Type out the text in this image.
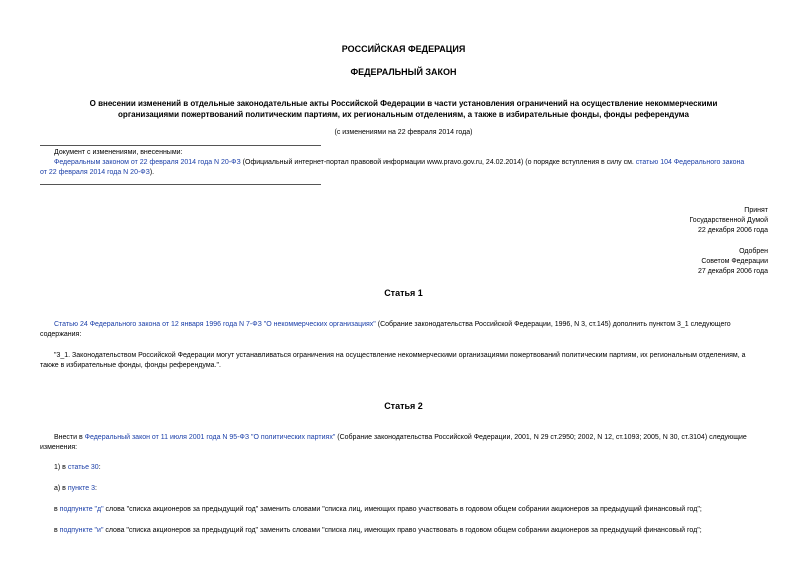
РОССИЙСКАЯ ФЕДЕРАЦИЯ
ФЕДЕРАЛЬНЫЙ ЗАКОН
О внесении изменений в отдельные законодательные акты Российской Федерации в части установления ограничений на осуществление некоммерческими
организациями пожертвований политическим партиям, их региональным отделениям, а также в избирательные фонды, фонды референдума
(с изменениями на 22 февраля 2014 года)
Документ с изменениями, внесенными:
Федеральным законом от 22 февраля 2014 года N 20-ФЗ (Официальный интернет-портал правовой информации www.pravo.gov.ru, 24.02.2014) (о порядке вступления в силу см. статью 104 Федерального закона
от 22 февраля 2014 года N 20-ФЗ).
Принят
Государственной Думой
22 декабря 2006 года
Одобрен
Советом Федерации
27 декабря 2006 года
Статья 1
Статью 24 Федерального закона от 12 января 1996 года N 7-ФЗ "О некоммерческих организациях" (Собрание законодательства Российской Федерации, 1996, N 3, ст.145) дополнить пунктом 3_1 следующего
содержания:
"3_1. Законодательством Российской Федерации могут устанавливаться ограничения на осуществление некоммерческими организациями пожертвований политическим партиям, их региональным отделениям, а
также в избирательные фонды, фонды референдума.".
Статья 2
Внести в Федеральный закон от 11 июля 2001 года N 95-ФЗ "О политических партиях" (Собрание законодательства Российской Федерации, 2001, N 29 ст.2950; 2002, N 12, ст.1093; 2005, N 30, ст.3104) следующие
изменения:
1) в статье 30:
а) в пункте 3:
в подпункте "д" слова "списка акционеров за предыдущий год" заменить словами "списка лиц, имеющих право участвовать в годовом общем собрании акционеров за предыдущий финансовый год";
в подпункте "и" слова "списка акционеров за предыдущий год" заменить словами "списка лиц, имеющих право участвовать в годовом общем собрании акционеров за предыдущий финансовый год";
